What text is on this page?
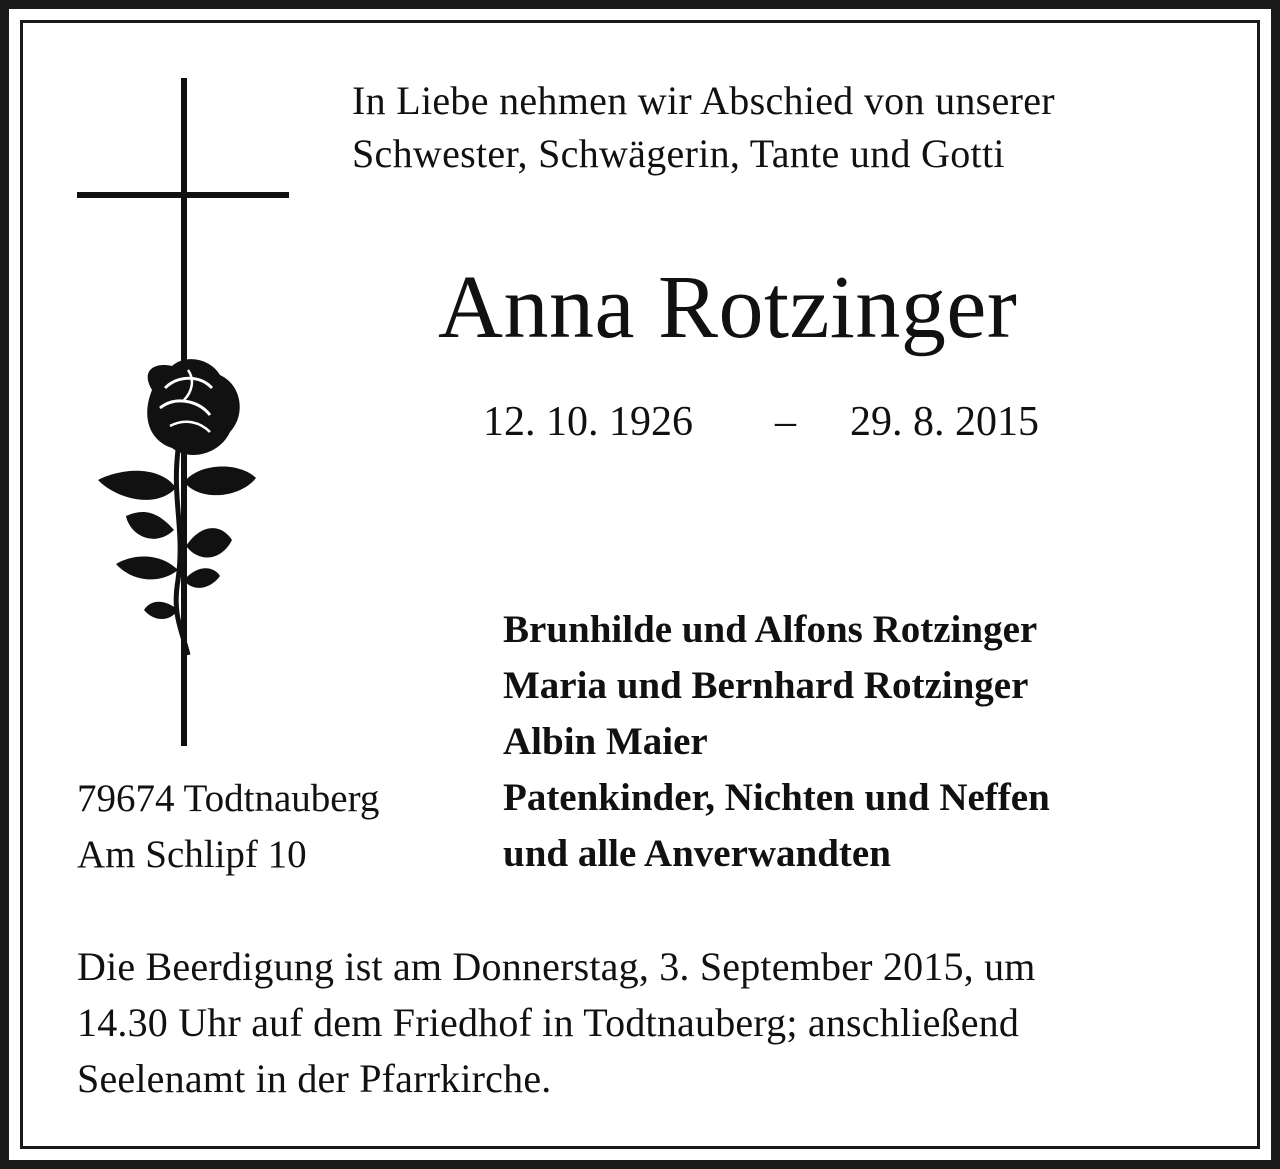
In Liebe nehmen wir Abschied von unserer
Schwester, Schwägerin, Tante und Gotti
Anna Rotzinger
12. 10. 1926 – 29. 8. 2015
Brunhilde und Alfons Rotzinger
Maria und Bernhard Rotzinger
Albin Maier
Patenkinder, Nichten und Neffen
und alle Anverwandten
79674 Todtnauberg
Am Schlipf 10
Die Beerdigung ist am Donnerstag, 3. September 2015, um
14.30 Uhr auf dem Friedhof in Todtnauberg; anschließend
Seelenamt in der Pfarrkirche.
